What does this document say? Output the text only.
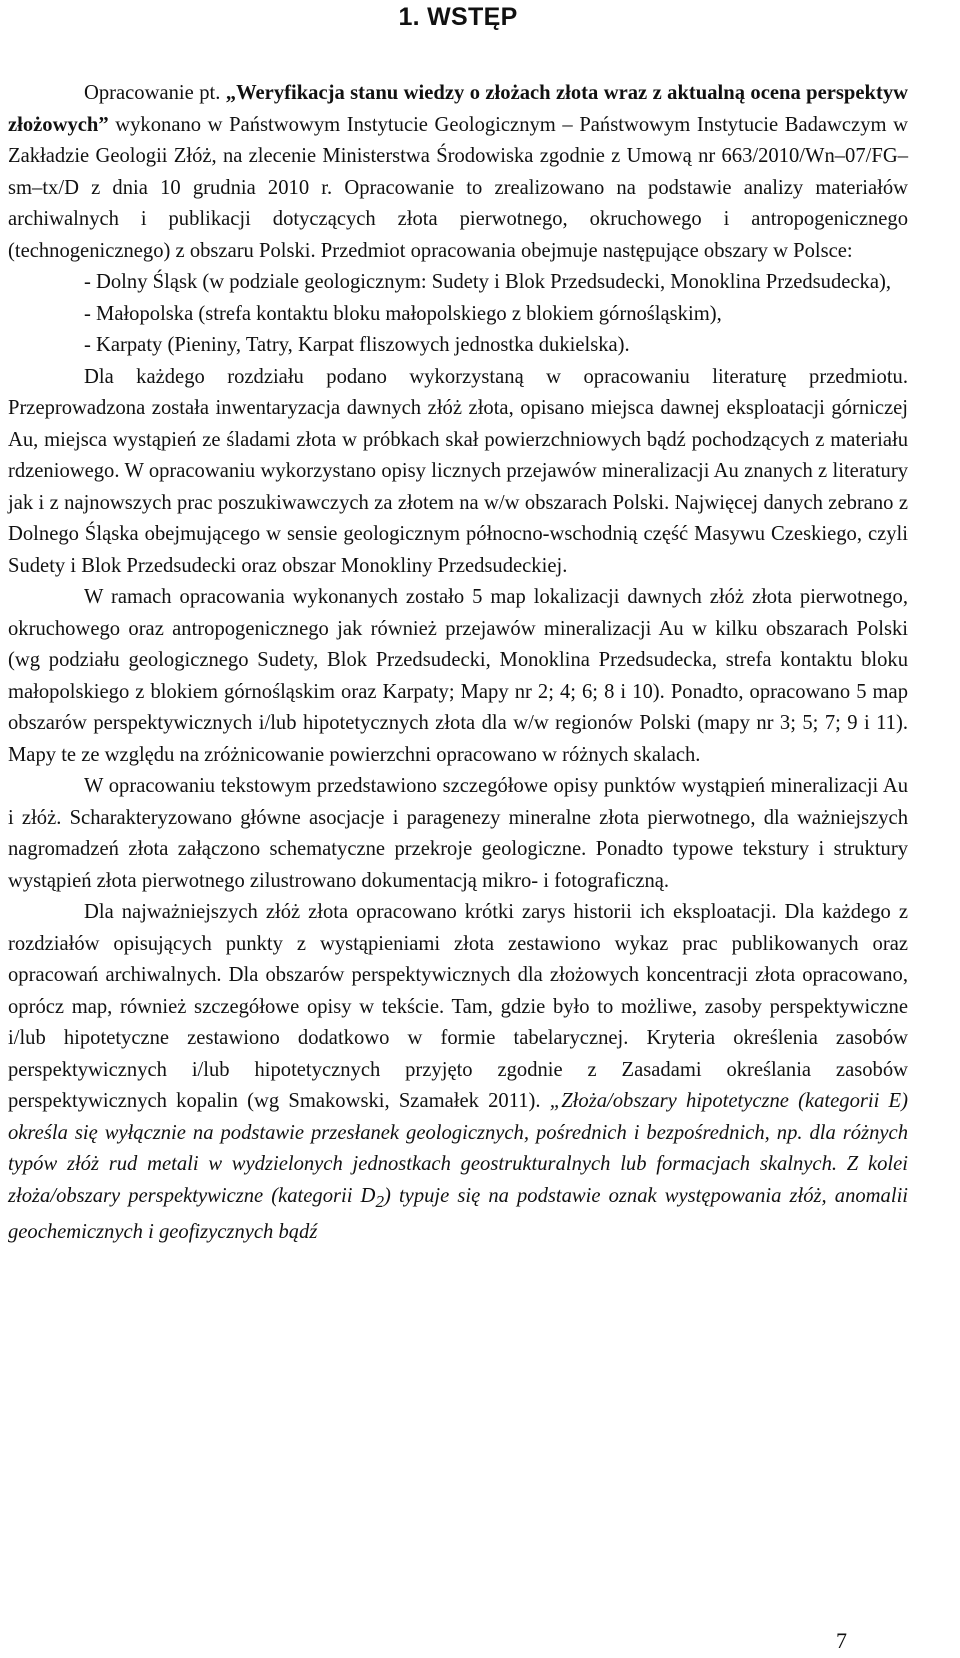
1. WSTĘP

Opracowanie pt. „Weryfikacja stanu wiedzy o złożach złota wraz z aktualną ocena perspektyw złożowych” wykonano w Państwowym Instytucie Geologicznym – Państwowym Instytucie Badawczym w Zakładzie Geologii Złóż, na zlecenie Ministerstwa Środowiska zgodnie z Umową nr 663/2010/Wn–07/FG–sm–tx/D z dnia 10 grudnia 2010 r. Opracowanie to zrealizowano na podstawie analizy materiałów archiwalnych i publikacji dotyczących złota pierwotnego, okruchowego i antropogenicznego (technogenicznego) z obszaru Polski. Przedmiot opracowania obejmuje następujące obszary w Polsce:

- Dolny Śląsk (w podziale geologicznym: Sudety i Blok Przedsudecki, Monoklina Przedsudecka),

- Małopolska (strefa kontaktu bloku małopolskiego z blokiem górnośląskim),

- Karpaty (Pieniny, Tatry, Karpat fliszowych jednostka dukielska).

Dla każdego rozdziału podano wykorzystaną w opracowaniu literaturę przedmiotu. Przeprowadzona została inwentaryzacja dawnych złóż złota, opisano miejsca dawnej eksploatacji górniczej Au, miejsca wystąpień ze śladami złota w próbkach skał powierzchniowych bądź pochodzących z materiału rdzeniowego. W opracowaniu wykorzystano opisy licznych przejawów mineralizacji Au znanych z literatury jak i z najnowszych prac poszukiwawczych za złotem na w/w obszarach Polski. Najwięcej danych zebrano z Dolnego Śląska obejmującego w sensie geologicznym północno-wschodnią część Masywu Czeskiego, czyli Sudety i Blok Przedsudecki oraz obszar Monokliny Przedsudeckiej.

W ramach opracowania wykonanych zostało 5 map lokalizacji dawnych złóż złota pierwotnego, okruchowego oraz antropogenicznego jak również przejawów mineralizacji Au w kilku obszarach Polski (wg podziału geologicznego Sudety, Blok Przedsudecki, Monoklina Przedsudecka, strefa kontaktu bloku małopolskiego z blokiem górnośląskim oraz Karpaty; Mapy nr 2; 4; 6; 8 i 10). Ponadto, opracowano 5 map obszarów perspektywicznych i/lub hipotetycznych złota dla w/w regionów Polski (mapy nr 3; 5; 7; 9 i 11). Mapy te ze względu na zróżnicowanie powierzchni opracowano w różnych skalach.

W opracowaniu tekstowym przedstawiono szczegółowe opisy punktów wystąpień mineralizacji Au i złóż. Scharakteryzowano główne asocjacje i paragenezy mineralne złota pierwotnego, dla ważniejszych nagromadzeń złota załączono schematyczne przekroje geologiczne. Ponadto typowe tekstury i struktury wystąpień złota pierwotnego zilustrowano dokumentacją mikro- i fotograficzną.

Dla najważniejszych złóż złota opracowano krótki zarys historii ich eksploatacji. Dla każdego z rozdziałów opisujących punkty z wystąpieniami złota zestawiono wykaz prac publikowanych oraz opracowań archiwalnych. Dla obszarów perspektywicznych dla złożowych koncentracji złota opracowano, oprócz map, również szczegółowe opisy w tekście. Tam, gdzie było to możliwe, zasoby perspektywiczne i/lub hipotetyczne zestawiono dodatkowo w formie tabelarycznej. Kryteria określenia zasobów perspektywicznych i/lub hipotetycznych przyjęto zgodnie z Zasadami określania zasobów perspektywicznych kopalin (wg Smakowski, Szamałek 2011). „Złoża/obszary hipotetyczne (kategorii E) określa się wyłącznie na podstawie przesłanek geologicznych, pośrednich i bezpośrednich, np. dla różnych typów złóż rud metali w wydzielonych jednostkach geostrukturalnych lub formacjach skalnych. Z kolei złoża/obszary perspektywiczne (kategorii $D_2$) typuje się na podstawie oznak występowania złóż, anomalii geochemicznych i geofizycznych bądź

7
